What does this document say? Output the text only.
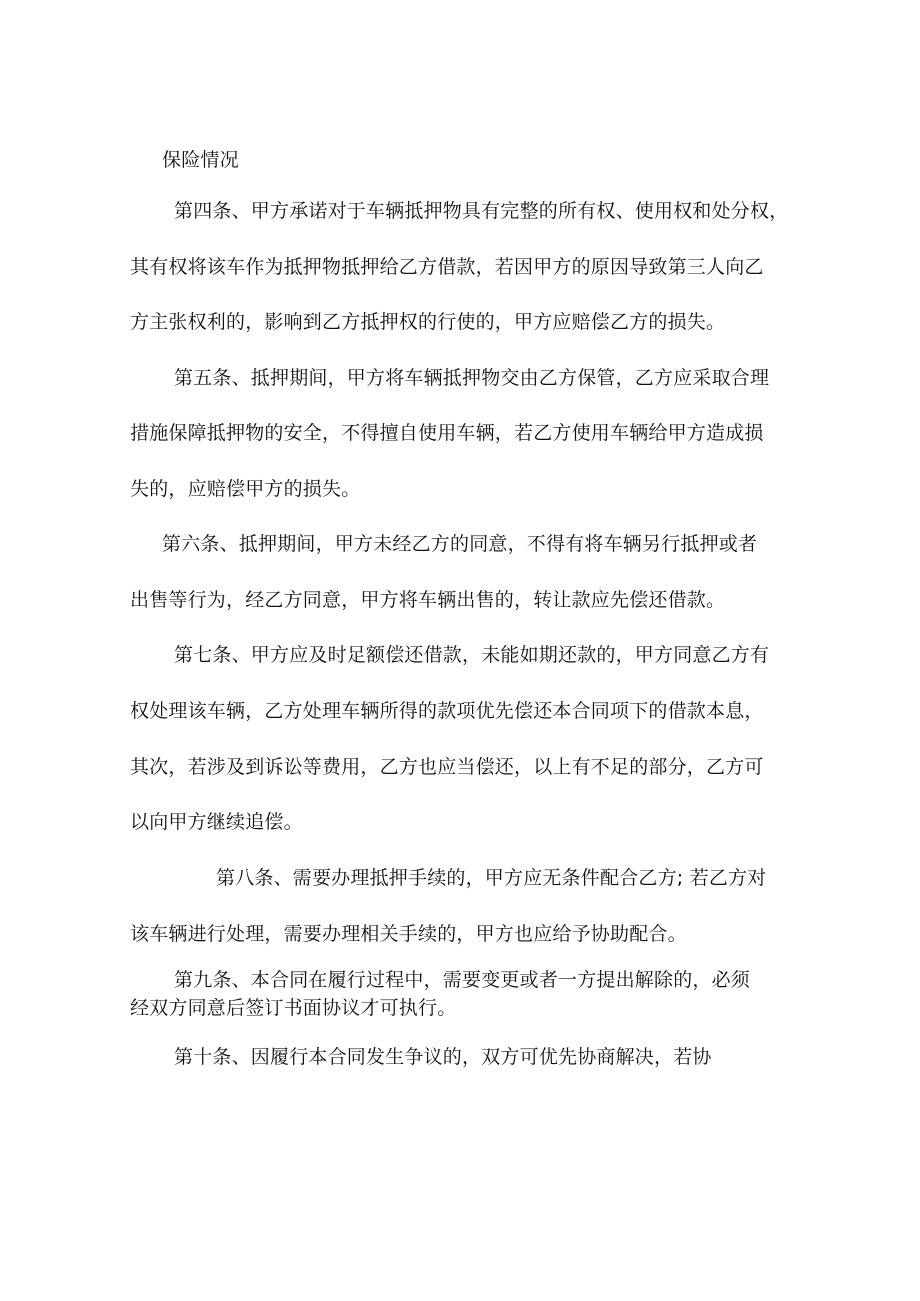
保险情况
第四条、甲方承诺对于车辆抵押物具有完整的所有权、使用权和处分权，
其有权将该车作为抵押物抵押给乙方借款，若因甲方的原因导致第三人向乙
方主张权利的，影响到乙方抵押权的行使的，甲方应赔偿乙方的损失。
第五条、抵押期间，甲方将车辆抵押物交由乙方保管，乙方应采取合理
措施保障抵押物的安全，不得擅自使用车辆，若乙方使用车辆给甲方造成损
失的，应赔偿甲方的损失。
第六条、抵押期间，甲方未经乙方的同意，不得有将车辆另行抵押或者
出售等行为，经乙方同意，甲方将车辆出售的，转让款应先偿还借款。
第七条、甲方应及时足额偿还借款，未能如期还款的，甲方同意乙方有
权处理该车辆，乙方处理车辆所得的款项优先偿还本合同项下的借款本息，
其次，若涉及到诉讼等费用，乙方也应当偿还，以上有不足的部分，乙方可
以向甲方继续追偿。
第八条、需要办理抵押手续的，甲方应无条件配合乙方; 若乙方对
该车辆进行处理，需要办理相关手续的，甲方也应给予协助配合。
第九条、本合同在履行过程中，需要变更或者一方提出解除的，必须
经双方同意后签订书面协议才可执行。
第十条、因履行本合同发生争议的，双方可优先协商解决，若协
